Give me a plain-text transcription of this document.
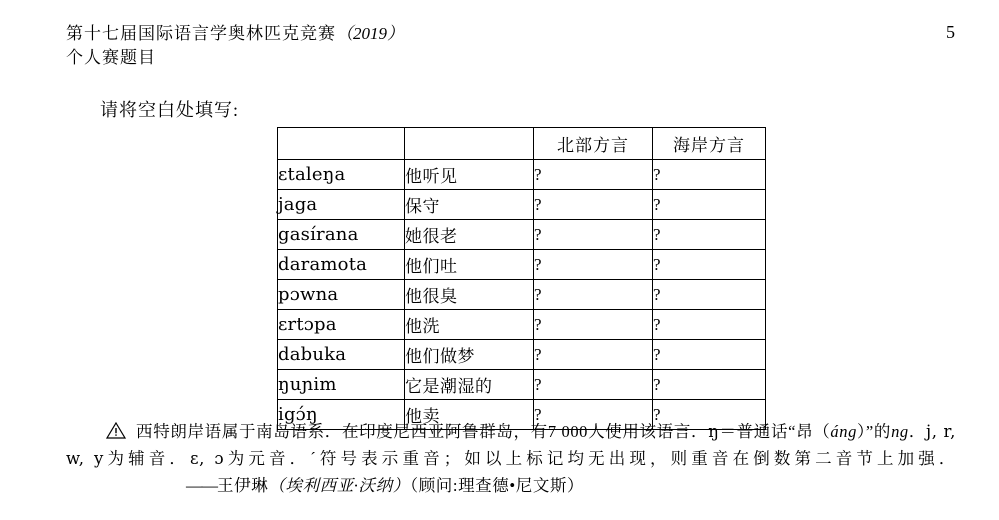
第十七届国际语言学奥林匹克竞赛（2019）
个人赛题目
5
请将空白处填写:
		北部方言	海岸方言
ɛtaleŋa	他听见	?	?
jaga	保守	?	?
gasírana	她很老	?	?
daramota	他们吐	?	?
pɔwna	他很臭	?	?
ɛrtɔpa	他洗	?	?
dabuka	他们做梦	?	?
ŋuɲim	它是潮湿的	?	?
igɔ́ŋ	他卖	?	?
西特朗岸语属于南岛语系．在印度尼西亚阿鲁群岛，有7 000人使用该语言．ŋ＝普通话“昂（áng）”的ng．j, r, w, y为辅音．ɛ, ɔ为元音．ˊ符号表示重音；如以上标记均无出现，则重音在倒数第二音节上加强．——王伊琳（埃利西亚·沃纳）（顾问:理查德•尼文斯）
